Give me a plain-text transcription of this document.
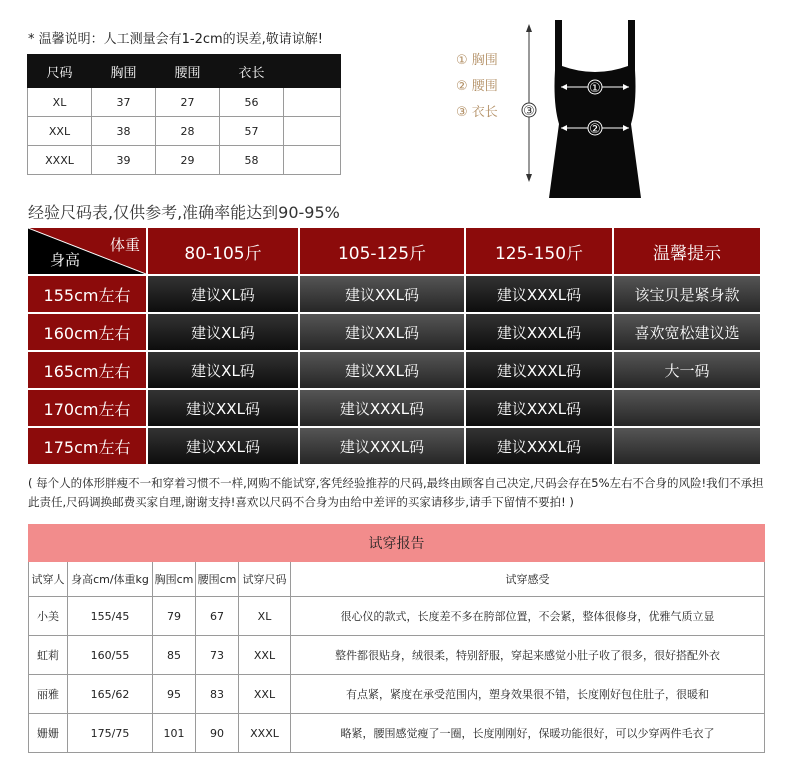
* 温馨说明：人工测量会有1-2cm的误差,敬请谅解!
尺码	胸围	腰围	衣长	
XL	37	27	56	
XXL	38	28	57	
XXXL	39	29	58	
① 胸围
② 腰围
③ 衣长
①
②
③
经验尺码表,仅供参考,准确率能达到90-95%
体重
身高	80-105斤	105-125斤	125-150斤	温馨提示
155cm左右	建议XL码	建议XXL码	建议XXXL码	该宝贝是紧身款
160cm左右	建议XL码	建议XXL码	建议XXXL码	喜欢宽松建议选
165cm左右	建议XL码	建议XXL码	建议XXXL码	大一码
170cm左右	建议XXL码	建议XXXL码	建议XXXL码	
175cm左右	建议XXL码	建议XXXL码	建议XXXL码	
( 每个人的体形胖瘦不一和穿着习惯不一样,网购不能试穿,客凭经验推荐的尺码,最终由顾客自己决定,尺码会存在5%左右不合身的风险!我们不承担此责任,尺码调换邮费买家自理,谢谢支持!喜欢以尺码不合身为由给中差评的买家请移步,请手下留情不要拍! )
试穿报告					
试穿人	身高cm/体重kg	胸围cm	腰围cm	试穿尺码	试穿感受
小美	155/45	79	67	XL	很心仪的款式，长度差不多在胯部位置，不会紧，整体很修身，优雅气质立显
虹莉	160/55	85	73	XXL	整件都很贴身，绒很柔，特别舒服，穿起来感觉小肚子收了很多，很好搭配外衣
丽雅	165/62	95	83	XXL	有点紧，紧度在承受范围内，塑身效果很不错，长度刚好包住肚子，很暖和
姗姗	175/75	101	90	XXXL	略紧，腰围感觉瘦了一圈，长度刚刚好，保暖功能很好，可以少穿两件毛衣了
